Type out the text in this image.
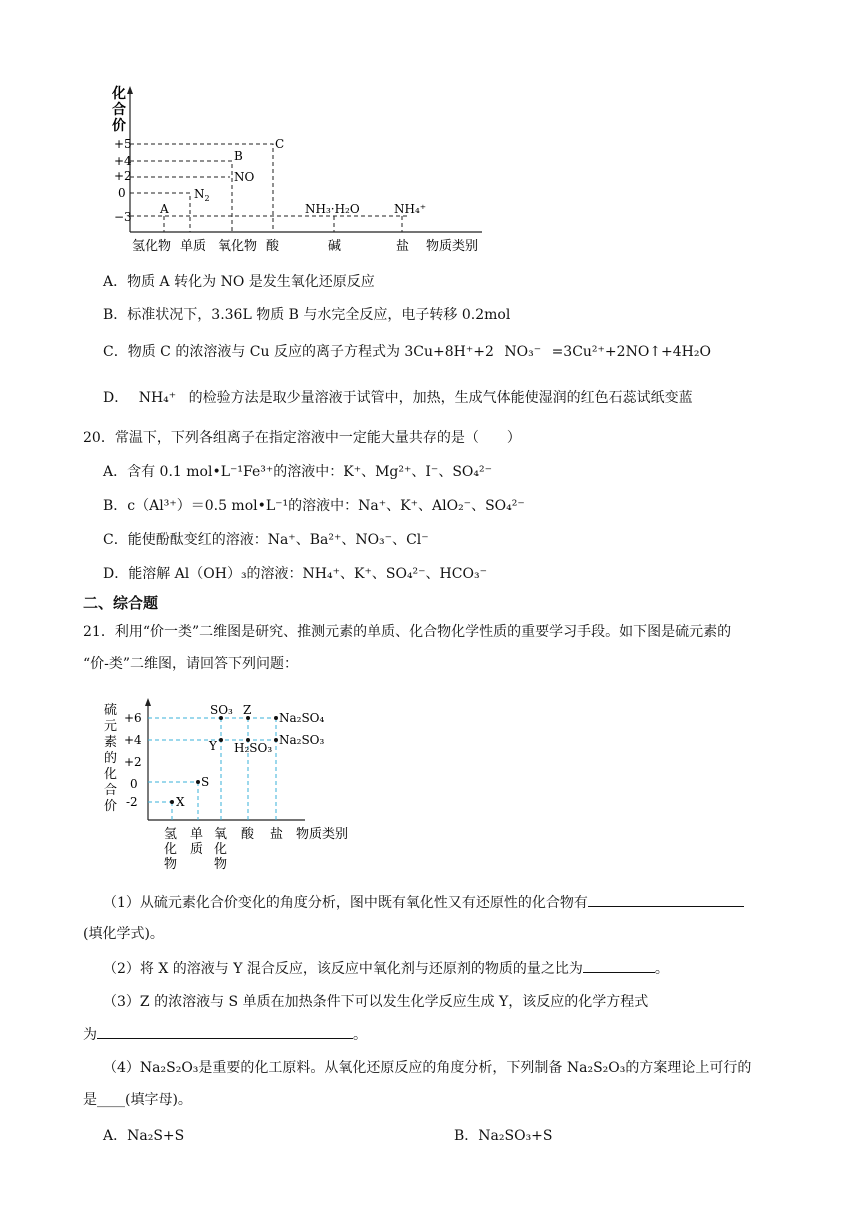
化
合
价
+5
+4
+2
0
−3
A
$N_2$
B
NO
C
NH₃·H₂O	NH₄⁺
氢化物 单质 氧化物 酸	碱	盐 物质类别
A．物质 A 转化为 NO 是发生氧化还原反应
B．标准状况下，3.36L 物质 B 与水完全反应，电子转移 0.2mol
C．物质 C 的浓溶液与 Cu 反应的离子方程式为 3Cu+8H⁺+2 NO₃⁻ =3Cu²⁺+2NO↑+4H₂O
D． NH₄⁺ 的检验方法是取少量溶液于试管中，加热，生成气体能使湿润的红色石蕊试纸变蓝
20．常温下，下列各组离子在指定溶液中一定能大量共存的是（　　）
A．含有 0.1 mol•L⁻¹Fe³⁺的溶液中：K⁺、Mg²⁺、I⁻、SO₄²⁻
B．c（Al³⁺）＝0.5 mol•L⁻¹的溶液中：Na⁺、K⁺、AlO₂⁻、SO₄²⁻
C．能使酚酞变红的溶液：Na⁺、Ba²⁺、NO₃⁻、Cl⁻
D．能溶解 Al（OH）₃的溶液：NH₄⁺、K⁺、SO₄²⁻、HCO₃⁻
二、综合题
21．利用“价一类”二维图是研究、推测元素的单质、化合物化学性质的重要学习手段。如下图是硫元素的
“价-类”二维图，请回答下列问题：
硫
元
素
的
化
合
价
+6
+4
+2
0
-2	X
S
SO₃ Z
Y H₂SO₃
Na₂SO₄
Na₂SO₃
氢
化
物
单
质
氧
化
物
酸 盐 物质类别
（1）从硫元素化合价变化的角度分析，图中既有氧化性又有还原性的化合物有
(填化学式)。
（2）将 X 的溶液与 Y 混合反应，该反应中氧化剂与还原剂的物质的量之比为	。
（3）Z 的浓溶液与 S 单质在加热条件下可以发生化学反应生成 Y，该反应的化学方程式
为	。
（4）Na₂S₂O₃是重要的化工原料。从氧化还原反应的角度分析，下列制备 Na₂S₂O₃的方案理论上可行的
是____(填字母)。
A．Na₂S+S	B．Na₂SO₃+S
